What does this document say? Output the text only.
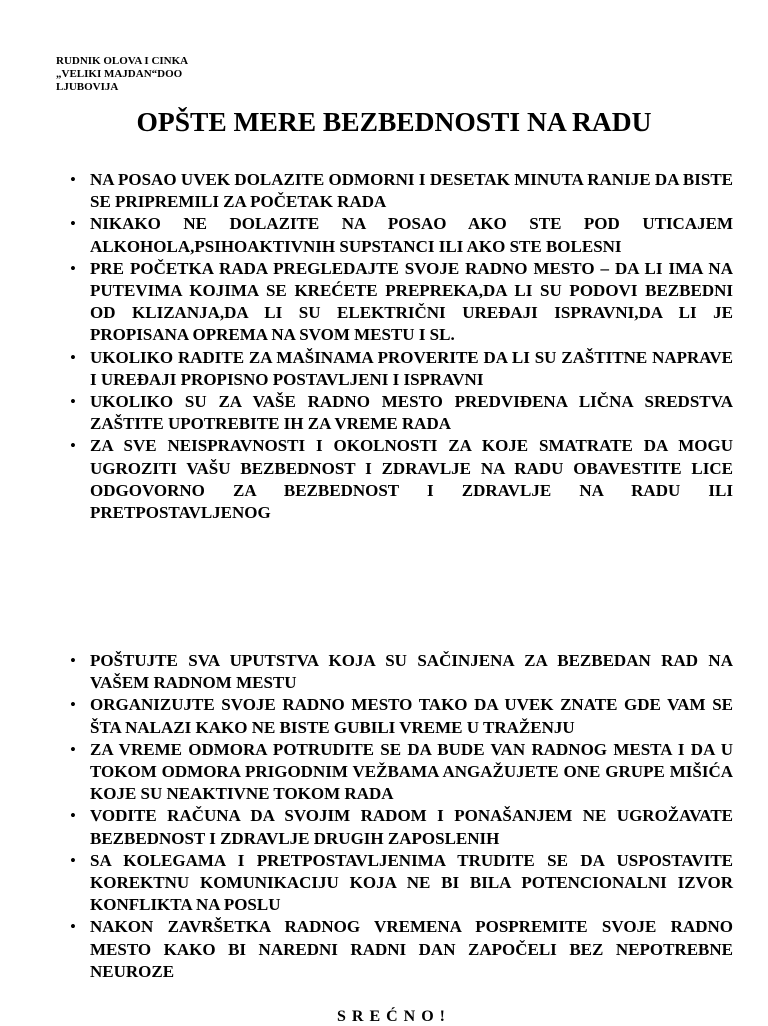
RUDNIK OLOVA I CINKA
„VELIKI MAJDAN“DOO
LJUBOVIJA
OPŠTE MERE BEZBEDNOSTI NA RADU
• NA POSAO UVEK DOLAZITE ODMORNI I DESETAK MINUTA RANIJE DA BISTE SE PRIPREMILI ZA POČETAK RADA
• NIKAKO NE DOLAZITE NA POSAO AKO STE POD UTICAJEM ALKOHOLA,PSIHOAKTIVNIH SUPSTANCI ILI AKO STE BOLESNI
• PRE POČETKA RADA PREGLEDAJTE SVOJE RADNO MESTO – DA LI IMA NA PUTEVIMA KOJIMA SE KREĆETE PREPREKA,DA LI SU PODOVI BEZBEDNI OD KLIZANJA,DA LI SU ELEKTRIČNI UREĐAJI ISPRAVNI,DA LI JE PROPISANA OPREMA NA SVOM MESTU I SL.
• UKOLIKO RADITE ZA MAŠINAMA PROVERITE DA LI SU ZAŠTITNE NAPRAVE I UREĐAJI PROPISNO POSTAVLJENI I ISPRAVNI
• UKOLIKO SU ZA VAŠE RADNO MESTO PREDVIĐENA LIČNA SREDSTVA ZAŠTITE UPOTREBITE IH ZA VREME RADA
• ZA SVE NEISPRAVNOSTI I OKOLNOSTI ZA KOJE SMATRATE DA MOGU UGROZITI VAŠU BEZBEDNOST I ZDRAVLJE NA RADU OBAVESTITE LICE ODGOVORNO ZA BEZBEDNOST I ZDRAVLJE NA RADU ILI PRETPOSTAVLJENOG
• POŠTUJTE SVA UPUTSTVA KOJA SU SAČINJENA ZA BEZBEDAN RAD NA VAŠEM RADNOM MESTU
• ORGANIZUJTE SVOJE RADNO MESTO TAKO DA UVEK ZNATE GDE VAM SE ŠTA NALAZI KAKO NE BISTE GUBILI VREME U TRAŽENJU
• ZA VREME ODMORA POTRUDITE SE DA BUDE VAN RADNOG MESTA I DA U TOKOM ODMORA PRIGODNIM VEŽBAMA ANGAŽUJETE ONE GRUPE MIŠIĆA KOJE SU NEAKTIVNE TOKOM RADA
• VODITE RAČUNA DA SVOJIM RADOM I PONAŠANJEM NE UGROŽAVATE BEZBEDNOST I ZDRAVLJE DRUGIH ZAPOSLENIH
• SA KOLEGAMA I PRETPOSTAVLJENIMA TRUDITE SE DA USPOSTAVITE KOREKTNU KOMUNIKACIJU KOJA NE BI BILA POTENCIONALNI IZVOR KONFLIKTA NA POSLU
• NAKON ZAVRŠETKA RADNOG VREMENA POSPREMITE SVOJE RADNO MESTO KAKO BI NAREDNI RADNI DAN ZAPOČELI BEZ NEPOTREBNE NEUROZE
SREĆNO!
